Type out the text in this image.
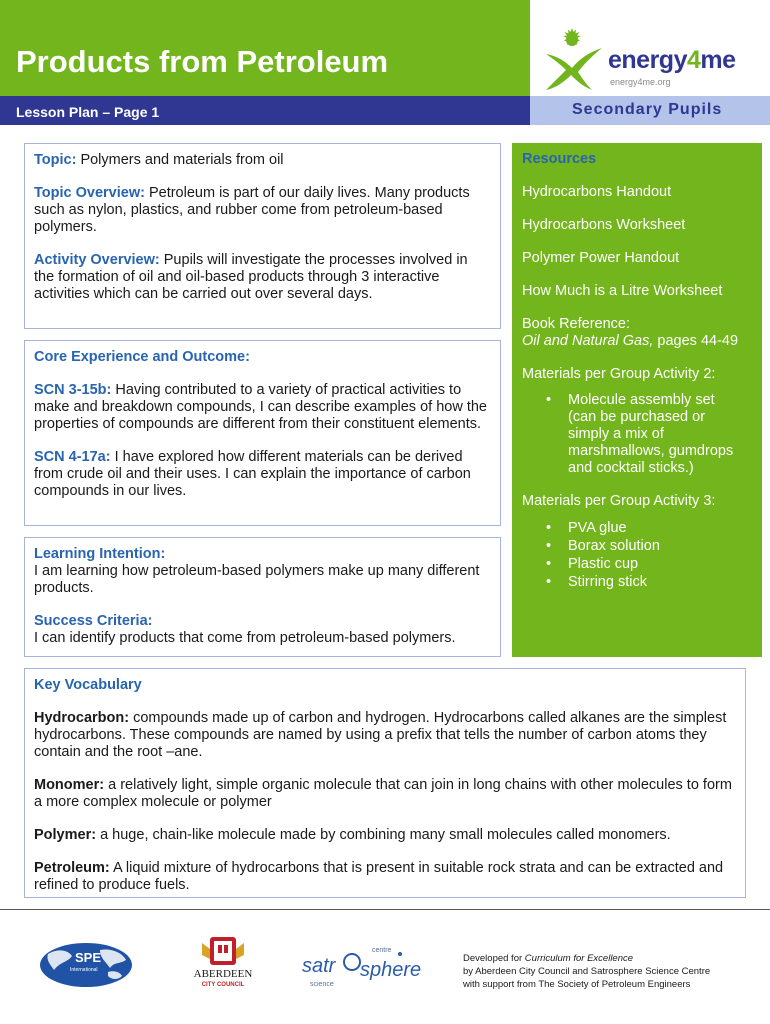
Products from Petroleum
Lesson Plan – Page 1
energy4me
energy4me.org
Secondary Pupils

Topic: Polymers and materials from oil

Topic Overview: Petroleum is part of our daily lives. Many products such as nylon, plastics, and rubber come from petroleum-based polymers.

Activity Overview: Pupils will investigate the processes involved in the formation of oil and oil-based products through 3 interactive activities which can be carried out over several days.

Core Experience and Outcome:

SCN 3-15b: Having contributed to a variety of practical activities to make and breakdown compounds, I can describe examples of how the properties of compounds are different from their constituent elements.

SCN 4-17a: I have explored how different materials can be derived from crude oil and their uses. I can explain the importance of carbon compounds in our lives.

Learning Intention:

I am learning how petroleum-based polymers make up many different products.

Success Criteria:

I can identify products that come from petroleum-based polymers.

Resources

Hydrocarbons Handout

Hydrocarbons Worksheet

Polymer Power Handout

How Much is a Litre Worksheet

Book Reference:

Oil and Natural Gas, pages 44-49

Materials per Group Activity 2:

• Molecule assembly set (can be purchased or simply a mix of marshmallows, gumdrops and cocktail sticks.)

Materials per Group Activity 3:

• PVA glue
• Borax solution
• Plastic cup
• Stirring stick

Key Vocabulary

Hydrocarbon: compounds made up of carbon and hydrogen. Hydrocarbons called alkanes are the simplest hydrocarbons. These compounds are named by using a prefix that tells the number of carbon atoms they contain and the root –ane.

Monomer: a relatively light, simple organic molecule that can join in long chains with other molecules to form a more complex molecule or polymer

Polymer: a huge, chain-like molecule made by combining many small molecules called monomers.

Petroleum: A liquid mixture of hydrocarbons that is present in suitable rock strata and can be extracted and refined to produce fuels.

SPE
International	ABERDEEN
CITY COUNCIL
centre
satr sphere
science
Developed for Curriculum for Excellence
by Aberdeen City Council and Satrosphere Science Centre
with support from The Society of Petroleum Engineers
